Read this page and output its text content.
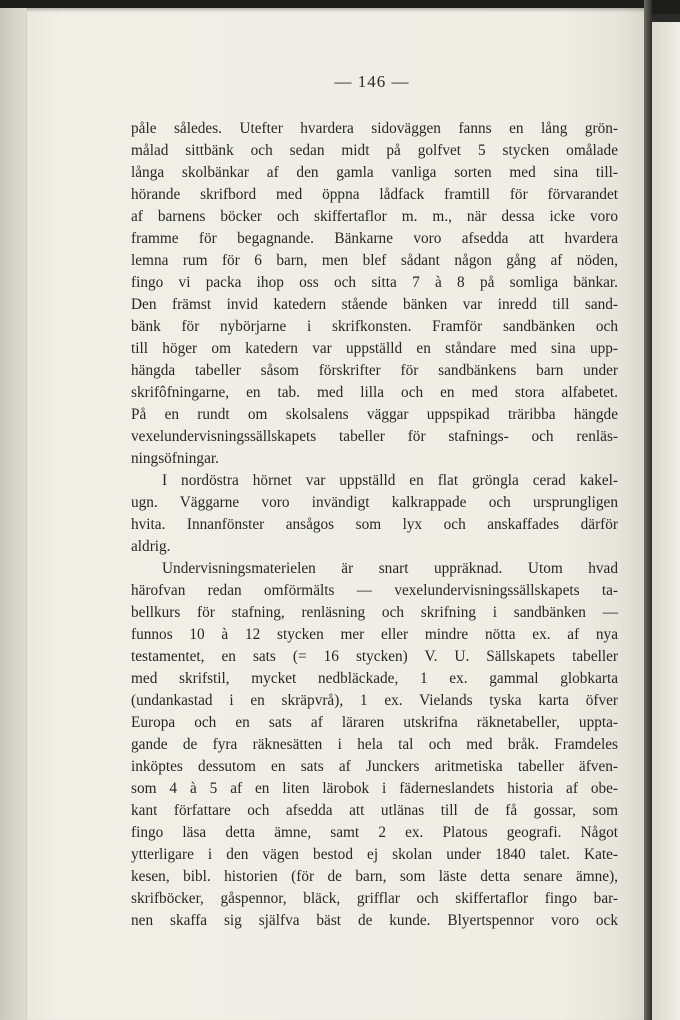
— 146 —
påle således. Utefter hvardera sidoväggen fanns en lång grön-
målad sittbänk och sedan midt på golfvet 5 stycken omålade
långa skolbänkar af den gamla vanliga sorten med sina till-
hörande skrifbord med öppna lådfack framtill för förvarandet
af barnens böcker och skiffertaflor m. m., när dessa icke voro
framme för begagnande. Bänkarne voro afsedda att hvardera
lemna rum för 6 barn, men blef sådant någon gång af nöden,
fingo vi packa ihop oss och sitta 7 à 8 på somliga bänkar.
Den främst invid katedern stående bänken var inredd till sand-
bänk för nybörjarne i skrifkonsten. Framför sandbänken och
till höger om katedern var uppställd en ståndare med sina upp-
hängda tabeller såsom förskrifter för sandbänkens barn under
skrifôfningarne, en tab. med lilla och en med stora alfabetet.
På en rundt om skolsalens väggar uppspikad träribba hängde
vexelundervisningssällskapets tabeller för stafnings- och renläs-
ningsöfningar.
I nordöstra hörnet var uppställd en flat gröngla cerad kakel-
ugn. Väggarne voro invändigt kalkrappade och ursprungligen
hvita. Innanfönster ansågos som lyx och anskaffades därför
aldrig.
Undervisningsmaterielen är snart uppräknad. Utom hvad
härofvan redan omförmälts — vexelundervisningssällskapets ta-
bellkurs för stafning, renläsning och skrifning i sandbänken —
funnos 10 à 12 stycken mer eller mindre nötta ex. af nya
testamentet, en sats (= 16 stycken) V. U. Sällskapets tabeller
med skrifstil, mycket nedbläckade, 1 ex. gammal globkarta
(undankastad i en skräpvrå), 1 ex. Vielands tyska karta öfver
Europa och en sats af läraren utskrifna räknetabeller, uppta-
gande de fyra räknesätten i hela tal och med bråk. Framdeles
inköptes dessutom en sats af Junckers aritmetiska tabeller äfven-
som 4 à 5 af en liten lärobok i fäderneslandets historia af obe-
kant författare och afsedda att utlänas till de få gossar, som
fingo läsa detta ämne, samt 2 ex. Platous geografi. Något
ytterligare i den vägen bestod ej skolan under 1840 talet. Kate-
kesen, bibl. historien (för de barn, som läste detta senare ämne),
skrifböcker, gåspennor, bläck, grifflar och skiffertaflor fingo bar-
nen skaffa sig själfva bäst de kunde. Blyertspennor voro ock
